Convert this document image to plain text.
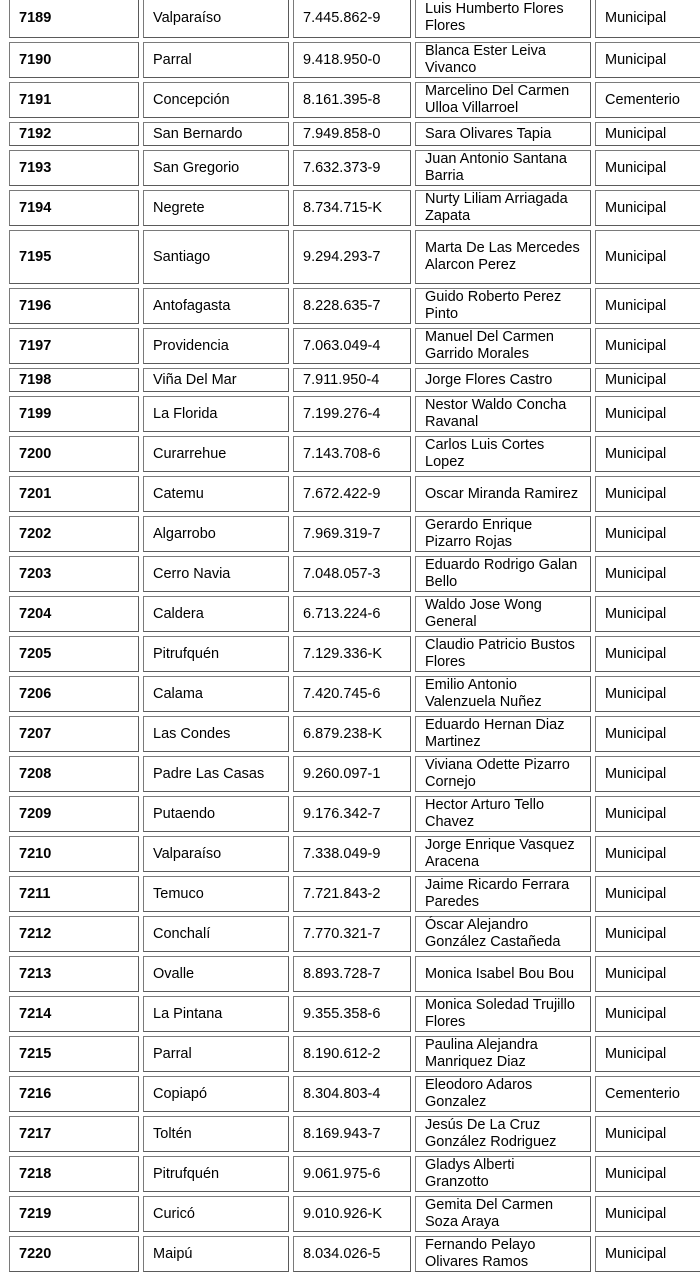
7189	Valparaíso	7.445.862-9	Luis Humberto Flores Flores	Municipal
7190	Parral	9.418.950-0	Blanca Ester Leiva Vivanco	Municipal
7191	Concepción	8.161.395-8	Marcelino Del Carmen Ulloa Villarroel	Cementerio
7192	San Bernardo	7.949.858-0	Sara Olivares Tapia	Municipal
7193	San Gregorio	7.632.373-9	Juan Antonio Santana Barria	Municipal
7194	Negrete	8.734.715-K	Nurty Liliam Arriagada Zapata	Municipal
7195	Santiago	9.294.293-7	Marta De Las Mercedes Alarcon Perez	Municipal
7196	Antofagasta	8.228.635-7	Guido Roberto Perez Pinto	Municipal
7197	Providencia	7.063.049-4	Manuel Del Carmen Garrido Morales	Municipal
7198	Viña Del Mar	7.911.950-4	Jorge Flores Castro	Municipal
7199	La Florida	7.199.276-4	Nestor Waldo Concha Ravanal	Municipal
7200	Curarrehue	7.143.708-6	Carlos Luis Cortes Lopez	Municipal
7201	Catemu	7.672.422-9	Oscar Miranda Ramirez	Municipal
7202	Algarrobo	7.969.319-7	Gerardo Enrique Pizarro Rojas	Municipal
7203	Cerro Navia	7.048.057-3	Eduardo Rodrigo Galan Bello	Municipal
7204	Caldera	6.713.224-6	Waldo Jose Wong General	Municipal
7205	Pitrufquén	7.129.336-K	Claudio Patricio Bustos Flores	Municipal
7206	Calama	7.420.745-6	Emilio Antonio Valenzuela Nuñez	Municipal
7207	Las Condes	6.879.238-K	Eduardo Hernan Diaz Martinez	Municipal
7208	Padre Las Casas	9.260.097-1	Viviana Odette Pizarro Cornejo	Municipal
7209	Putaendo	9.176.342-7	Hector Arturo Tello Chavez	Municipal
7210	Valparaíso	7.338.049-9	Jorge Enrique Vasquez Aracena	Municipal
7211	Temuco	7.721.843-2	Jaime Ricardo Ferrara Paredes	Municipal
7212	Conchalí	7.770.321-7	Óscar Alejandro González Castañeda	Municipal
7213	Ovalle	8.893.728-7	Monica Isabel Bou Bou	Municipal
7214	La Pintana	9.355.358-6	Monica Soledad Trujillo Flores	Municipal
7215	Parral	8.190.612-2	Paulina Alejandra Manriquez Diaz	Municipal
7216	Copiapó	8.304.803-4	Eleodoro Adaros Gonzalez	Cementerio
7217	Toltén	8.169.943-7	Jesús De La Cruz González Rodriguez	Municipal
7218	Pitrufquén	9.061.975-6	Gladys Alberti Granzotto	Municipal
7219	Curicó	9.010.926-K	Gemita Del Carmen Soza Araya	Municipal
7220	Maipú	8.034.026-5	Fernando Pelayo Olivares Ramos	Municipal
